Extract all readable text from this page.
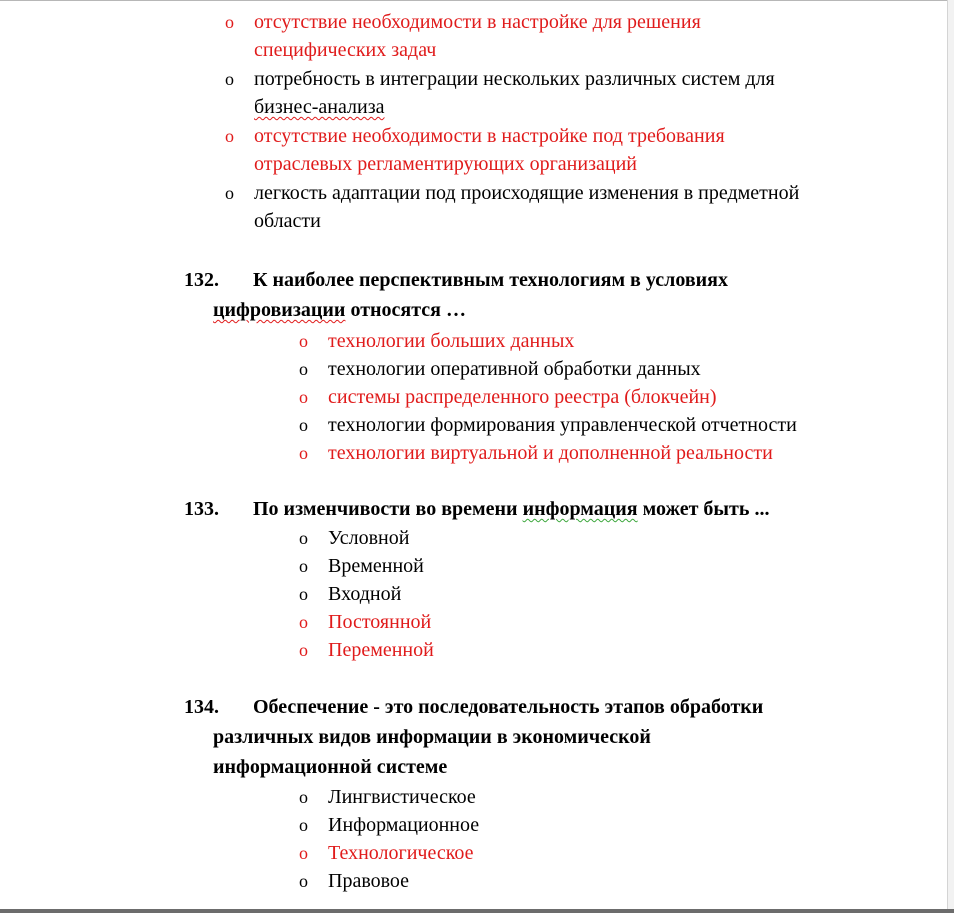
o отсутствие необходимости в настройке для решения
специфических задач
o потребность в интеграции нескольких различных систем для
бизнес-анализа
o отсутствие необходимости в настройке под требования
отраслевых регламентирующих организаций
o легкость адаптации под происходящие изменения в предметной
области
132. К наиболее перспективным технологиям в условиях
цифровизации относятся …
o технологии больших данных
o технологии оперативной обработки данных
o системы распределенного реестра (блокчейн)
o технологии формирования управленческой отчетности
o технологии виртуальной и дополненной реальности
133. По изменчивости во времени информация может быть ...
o Условной
o Временной
o Входной
o Постоянной
o Переменной
134. Обеспечение - это последовательность этапов обработки
различных видов информации в экономической
информационной системе
o Лингвистическое
o Информационное
o Технологическое
o Правовое
